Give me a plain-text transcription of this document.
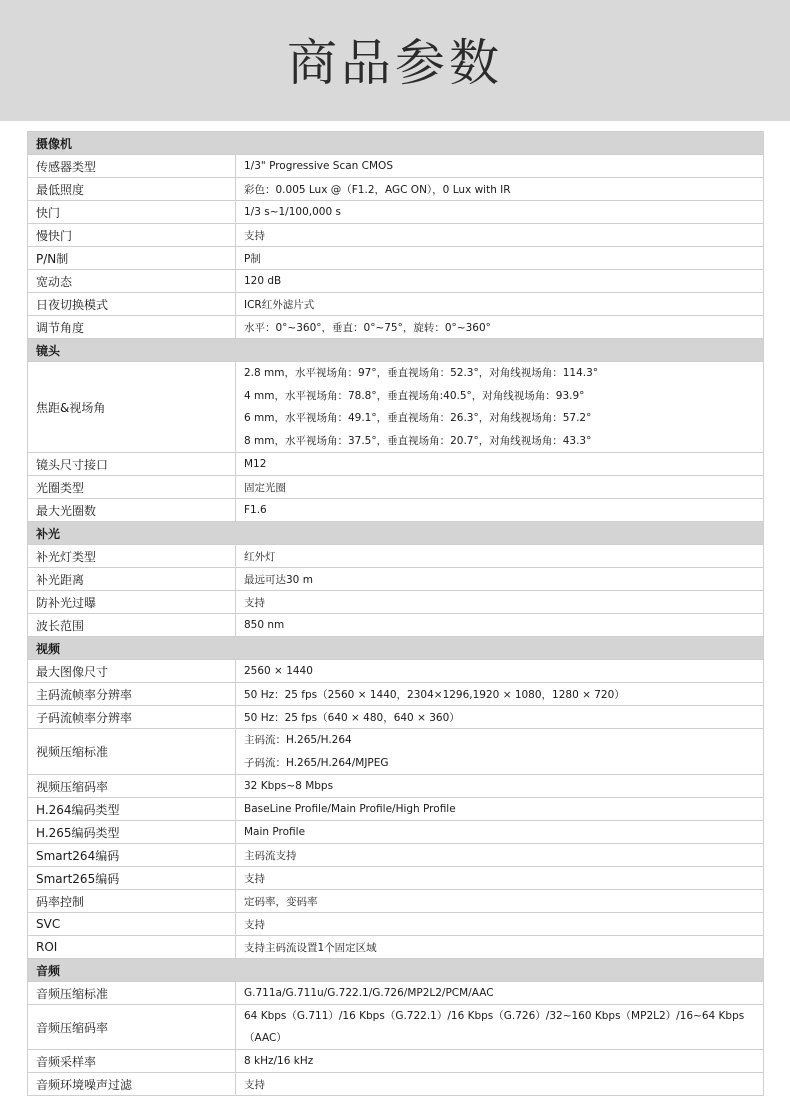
商品参数
摄像机	
传感器类型	1/3" Progressive Scan CMOS
最低照度	彩色：0.005 Lux @（F1.2，AGC ON），0 Lux with IR
快门	1/3 s~1/100,000 s
慢快门	支持
P/N制	P制
宽动态	120 dB
日夜切换模式	ICR红外滤片式
调节角度	水平：0°~360°，垂直：0°~75°，旋转：0°~360°
镜头	
焦距&视场角	2.8 mm，水平视场角：97°，垂直视场角：52.3°，对角线视场角：114.3°
4 mm，水平视场角：78.8°，垂直视场角:40.5°，对角线视场角：93.9°
6 mm，水平视场角：49.1°，垂直视场角：26.3°，对角线视场角：57.2°
8 mm，水平视场角：37.5°，垂直视场角：20.7°，对角线视场角：43.3°

镜头尺寸接口	M12
光圈类型	固定光圈
最大光圈数	F1.6
补光	
补光灯类型	红外灯
补光距离	最远可达30 m
防补光过曝	支持
波长范围	850 nm
视频	
最大图像尺寸	2560 × 1440
主码流帧率分辨率	50 Hz：25 fps（2560 × 1440，2304×1296,1920 × 1080，1280 × 720）
子码流帧率分辨率	50 Hz：25 fps（640 × 480，640 × 360）
视频压缩标准	主码流：H.265/H.264
子码流：H.265/H.264/MJPEG

视频压缩码率	32 Kbps~8 Mbps
H.264编码类型	BaseLine Profile/Main Profile/High Profile
H.265编码类型	Main Profile
Smart264编码	主码流支持
Smart265编码	支持
码率控制	定码率，变码率
SVC	支持
ROI	支持主码流设置1个固定区域
音频	
音频压缩标准	G.711a/G.711u/G.722.1/G.726/MP2L2/PCM/AAC
音频压缩码率	64 Kbps（G.711）/16 Kbps（G.722.1）/16 Kbps（G.726）/32~160 Kbps（MP2L2）/16~64 Kbps（AAC）
音频采样率	8 kHz/16 kHz
音频环境噪声过滤	支持
